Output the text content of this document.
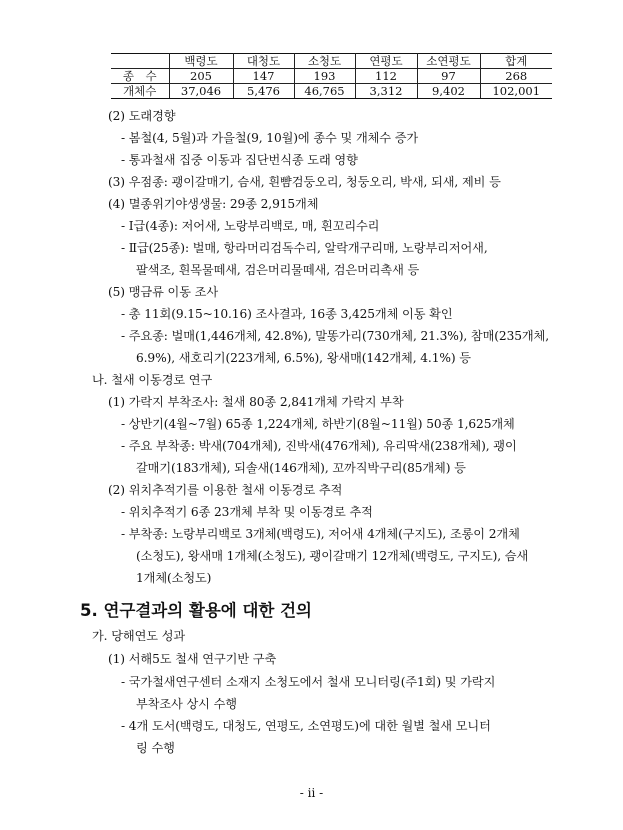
	백령도	대청도	소청도	연평도	소연평도	합계
종　수	205	147	193	112	97	268
개체수	37,046	5,476	46,765	3,312	9,402	102,001
(2) 도래경향
- 봄철(4, 5월)과 가을철(9, 10월)에 종수 및 개체수 증가
- 통과철새 집중 이동과 집단번식종 도래 영향
(3) 우점종: 괭이갈매기, 슴새, 흰뺨검둥오리, 청둥오리, 박새, 되새, 제비 등
(4) 멸종위기야생생물: 29종 2,915개체
- Ⅰ급(4종): 저어새, 노랑부리백로, 매, 흰꼬리수리
- Ⅱ급(25종): 벌매, 항라머리검독수리, 알락개구리매, 노랑부리저어새,
팔색조, 흰목물떼새, 검은머리물떼새, 검은머리촉새 등
(5) 맹금류 이동 조사
- 총 11회(9.15~10.16) 조사결과, 16종 3,425개체 이동 확인
- 주요종: 벌매(1,446개체, 42.8%), 말똥가리(730개체, 21.3%), 참매(235개체,
6.9%), 새호리기(223개체, 6.5%), 왕새매(142개체, 4.1%) 등
나. 철새 이동경로 연구
(1) 가락지 부착조사: 철새 80종 2,841개체 가락지 부착
- 상반기(4월~7월) 65종 1,224개체, 하반기(8월~11월) 50종 1,625개체
- 주요 부착종: 박새(704개체), 진박새(476개체), 유리딱새(238개체), 괭이
갈매기(183개체), 되솔새(146개체), 꼬까직박구리(85개체) 등
(2) 위치추적기를 이용한 철새 이동경로 추적
- 위치추적기 6종 23개체 부착 및 이동경로 추적
- 부착종: 노랑부리백로 3개체(백령도), 저어새 4개체(구지도), 조롱이 2개체
(소청도), 왕새매 1개체(소청도), 괭이갈매기 12개체(백령도, 구지도), 슴새
1개체(소청도)
5. 연구결과의 활용에 대한 건의
가. 당해연도 성과
(1) 서해5도 철새 연구기반 구축
- 국가철새연구센터 소재지 소청도에서 철새 모니터링(주1회) 및 가락지
부착조사 상시 수행
- 4개 도서(백령도, 대청도, 연평도, 소연평도)에 대한 월별 철새 모니터
링 수행
- ii -
